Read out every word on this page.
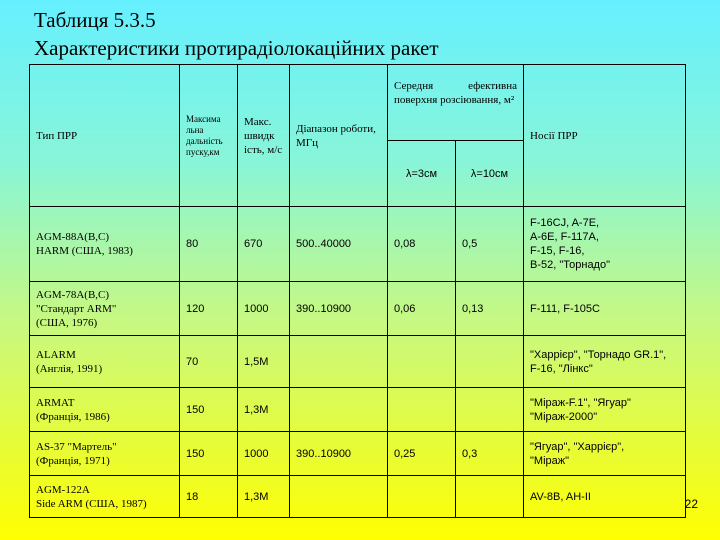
Таблиця 5.3.5
Характеристики протирадіолокаційних ракет
Тип ПРР	Максима льна дальність пуску,км	Макс. швидк ість, м/с	Діапазон роботи, МГц	Середня ефективна поверхня розсіювання, м²		Носії ПРР
				λ=3см	λ=10см	
AGM-88A(B,C)
HARM (США, 1983)	80	670	500..40000	0,08	0,5	F-16CJ, A-7E,
A-6E, F-117A,
F-15, F-16,
B-52, "Торнадо"
AGM-78A(B,C)
"Стандарт ARM"
(США, 1976)	120	1000	390..10900	0,06	0,13	F-111, F-105C
ALARM
(Англія, 1991)	70	1,5М				"Харрієр", "Торнадо GR.1",
F-16, "Лінкс"
ARMAT
(Франція, 1986)	150	1,3М				"Міраж-F.1", "Ягуар"
"Міраж-2000"
AS-37 "Мартель"
(Франція, 1971)	150	1000	390..10900	0,25	0,3	"Ягуар", "Харрієр",
"Міраж"
AGM-122A
Side ARM (США, 1987)	18	1,3М				AV-8B, AH-II
22
